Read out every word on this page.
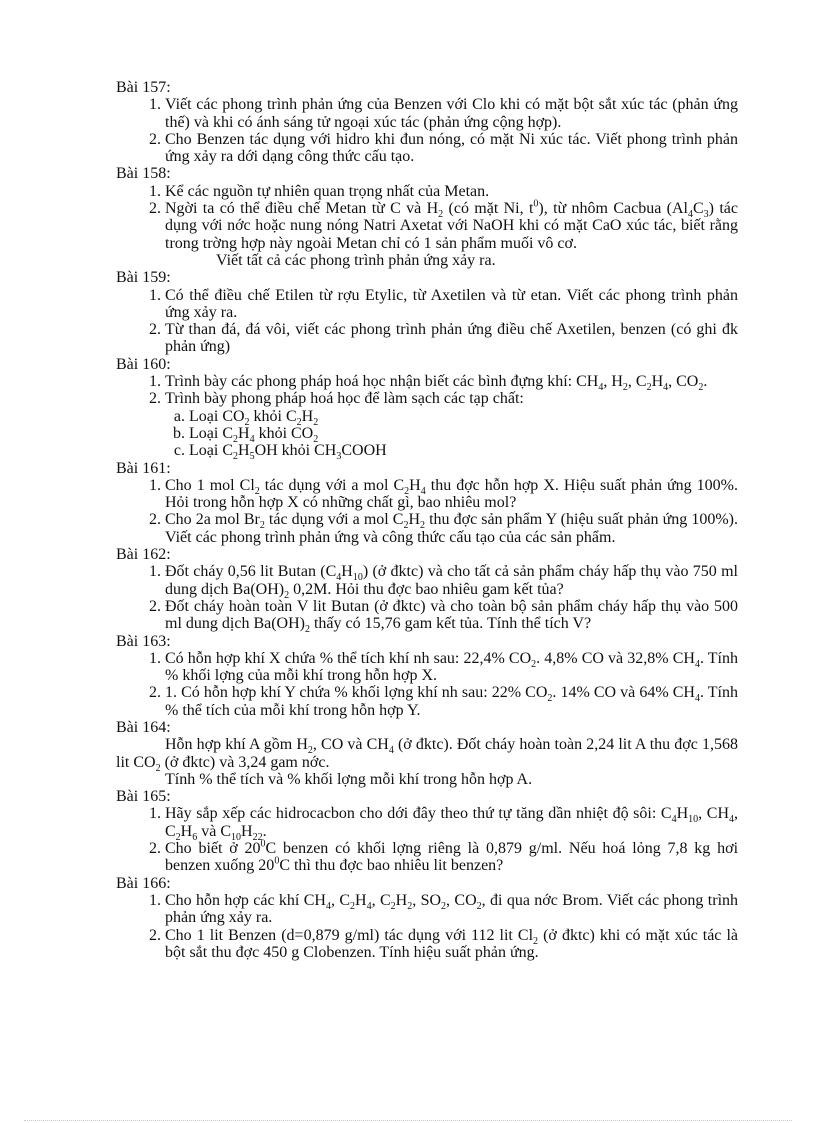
Bài 157:

1. Viết các phong trình phản ứng của Benzen với Clo khi có mặt bột sắt xúc tác (phản ứng thế) và khi có ánh sáng tử ngoại xúc tác (phản ứng cộng hợp).
2. Cho Benzen tác dụng với hidro khi đun nóng, có mặt Ni xúc tác. Viết phong trình phản ứng xảy ra dới dạng công thức cấu tạo.

Bài 158:

1. Kể các nguồn tự nhiên quan trọng nhất của Metan.
2. Ngời ta có thể điều chế Metan từ C và $H_2$ (có mặt Ni, $t^0$), từ nhôm Cacbua $(Al_4C_3)$ tác dụng với nớc hoặc nung nóng Natri Axetat với NaOH khi có mặt CaO xúc tác, biết rằng trong trờng hợp này ngoài Metan chỉ có 1 sản phẩm muối vô cơ.

Viết tất cả các phong trình phản ứng xảy ra.

Bài 159:

1. Có thể điều chế Etilen từ rợu Etylic, từ Axetilen và từ etan. Viết các phong trình phản ứng xảy ra.
2. Từ than đá, đá vôi, viết các phong trình phản ứng điều chế Axetilen, benzen (có ghi đk phản ứng)

Bài 160:

1. Trình bày các phong pháp hoá học nhận biết các bình đựng khí: $CH_4$, $H_2$, $C_2H_4$, $CO_2$.
2. Trình bày phong pháp hoá học để làm sạch các tạp chất:
a. Loại $CO_2$ khỏi $C_2H_2$
b. Loại $C_2H_4$ khỏi $CO_2$
c. Loại $C_2H_5OH$ khỏi $CH_3COOH$

Bài 161:

1. Cho 1 mol $Cl_2$ tác dụng với a mol $C_2H_4$ thu đợc hỗn hợp X. Hiệu suất phản ứng 100%. Hỏi trong hỗn hợp X có những chất gì, bao nhiêu mol?
2. Cho 2a mol $Br_2$ tác dụng với a mol $C_2H_2$ thu đợc sản phẩm Y (hiệu suất phản ứng 100%). Viết các phong trình phản ứng và công thức cấu tạo của các sản phẩm.

Bài 162:

1. Đốt cháy 0,56 lit Butan $(C_4H_{10})$ (ở đktc) và cho tất cả sản phẩm cháy hấp thụ vào 750 ml dung dịch $Ba(OH)_2$ 0,2M. Hỏi thu đợc bao nhiêu gam kết tủa?
2. Đốt cháy hoàn toàn V lit Butan (ở đktc) và cho toàn bộ sản phẩm cháy hấp thụ vào 500 ml dung dịch $Ba(OH)_2$ thấy có 15,76 gam kết tủa. Tính thể tích V?

Bài 163:

1. Có hỗn hợp khí X chứa % thể tích khí nh sau: 22,4% $CO_2$. 4,8% CO và 32,8% $CH_4$. Tính % khối lợng của mỗi khí trong hỗn hợp X.
2. 1. Có hỗn hợp khí Y chứa % khối lợng khí nh sau: 22% $CO_2$. 14% CO và 64% $CH_4$. Tính % thể tích của mỗi khí trong hỗn hợp Y.

Bài 164:

Hỗn hợp khí A gồm $H_2$, CO và $CH_4$ (ở đktc). Đốt cháy hoàn toàn 2,24 lit A thu đợc 1,568 lit $CO_2$ (ở đktc) và 3,24 gam nớc.

Tính % thể tích và % khối lợng mỗi khí trong hỗn hợp A.

Bài 165:

1. Hãy sắp xếp các hidrocacbon cho dới đây theo thứ tự tăng dần nhiệt độ sôi: $C_4H_{10}$, $CH_4$, $C_2H_6$ và $C_{10}H_{22}$.
2. Cho biết ở $20^0C$ benzen có khối lợng riêng là 0,879 g/ml. Nếu hoá lỏng 7,8 kg hơi benzen xuống $20^0C$ thì thu đợc bao nhiêu lit benzen?

Bài 166:

1. Cho hỗn hợp các khí $CH_4$, $C_2H_4$, $C_2H_2$, $SO_2$, $CO_2$, đi qua nớc Brom. Viết các phong trình phản ứng xảy ra.
2. Cho 1 lit Benzen (d=0,879 g/ml) tác dụng với 112 lit $Cl_2$ (ở đktc) khi có mặt xúc tác là bột sắt thu đợc 450 g Clobenzen. Tính hiệu suất phản ứng.
